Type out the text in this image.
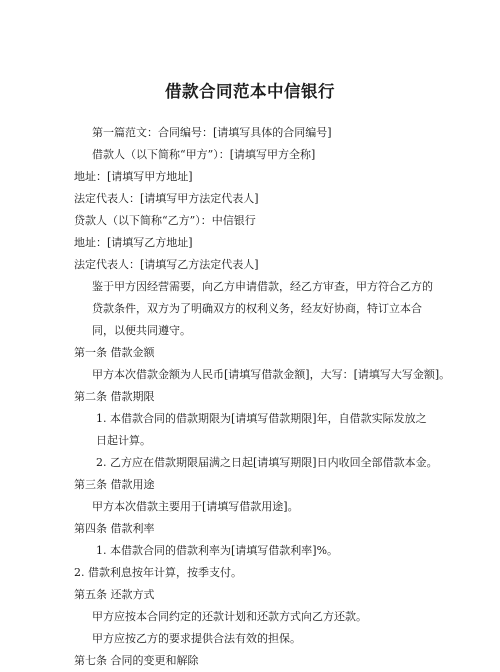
借款合同范本中信银行
第一篇范文：合同编号：[请填写具体的合同编号]
借款人（以下简称“甲方”）：[请填写甲方全称]
地址：[请填写甲方地址]
法定代表人：[请填写甲方法定代表人]
贷款人（以下简称“乙方”）：中信银行
地址：[请填写乙方地址]
法定代表人：[请填写乙方法定代表人]
鉴于甲方因经营需要，向乙方申请借款，经乙方审查，甲方符合乙方的贷款条件，双方为了明确双方的权利义务，经友好协商，特订立本合同，以便共同遵守。
第一条 借款金额
甲方本次借款金额为人民币[请填写借款金额]，大写：[请填写大写金额]。
第二条 借款期限
1. 本借款合同的借款期限为[请填写借款期限]年，自借款实际发放之日起计算。
2. 乙方应在借款期限届满之日起[请填写期限]日内收回全部借款本金。
第三条 借款用途
甲方本次借款主要用于[请填写借款用途]。
第四条 借款利率
1. 本借款合同的借款利率为[请填写借款利率]%。
2. 借款利息按年计算，按季支付。
第五条 还款方式
甲方应按本合同约定的还款计划和还款方式向乙方还款。
甲方应按乙方的要求提供合法有效的担保。
第七条 合同的变更和解除
